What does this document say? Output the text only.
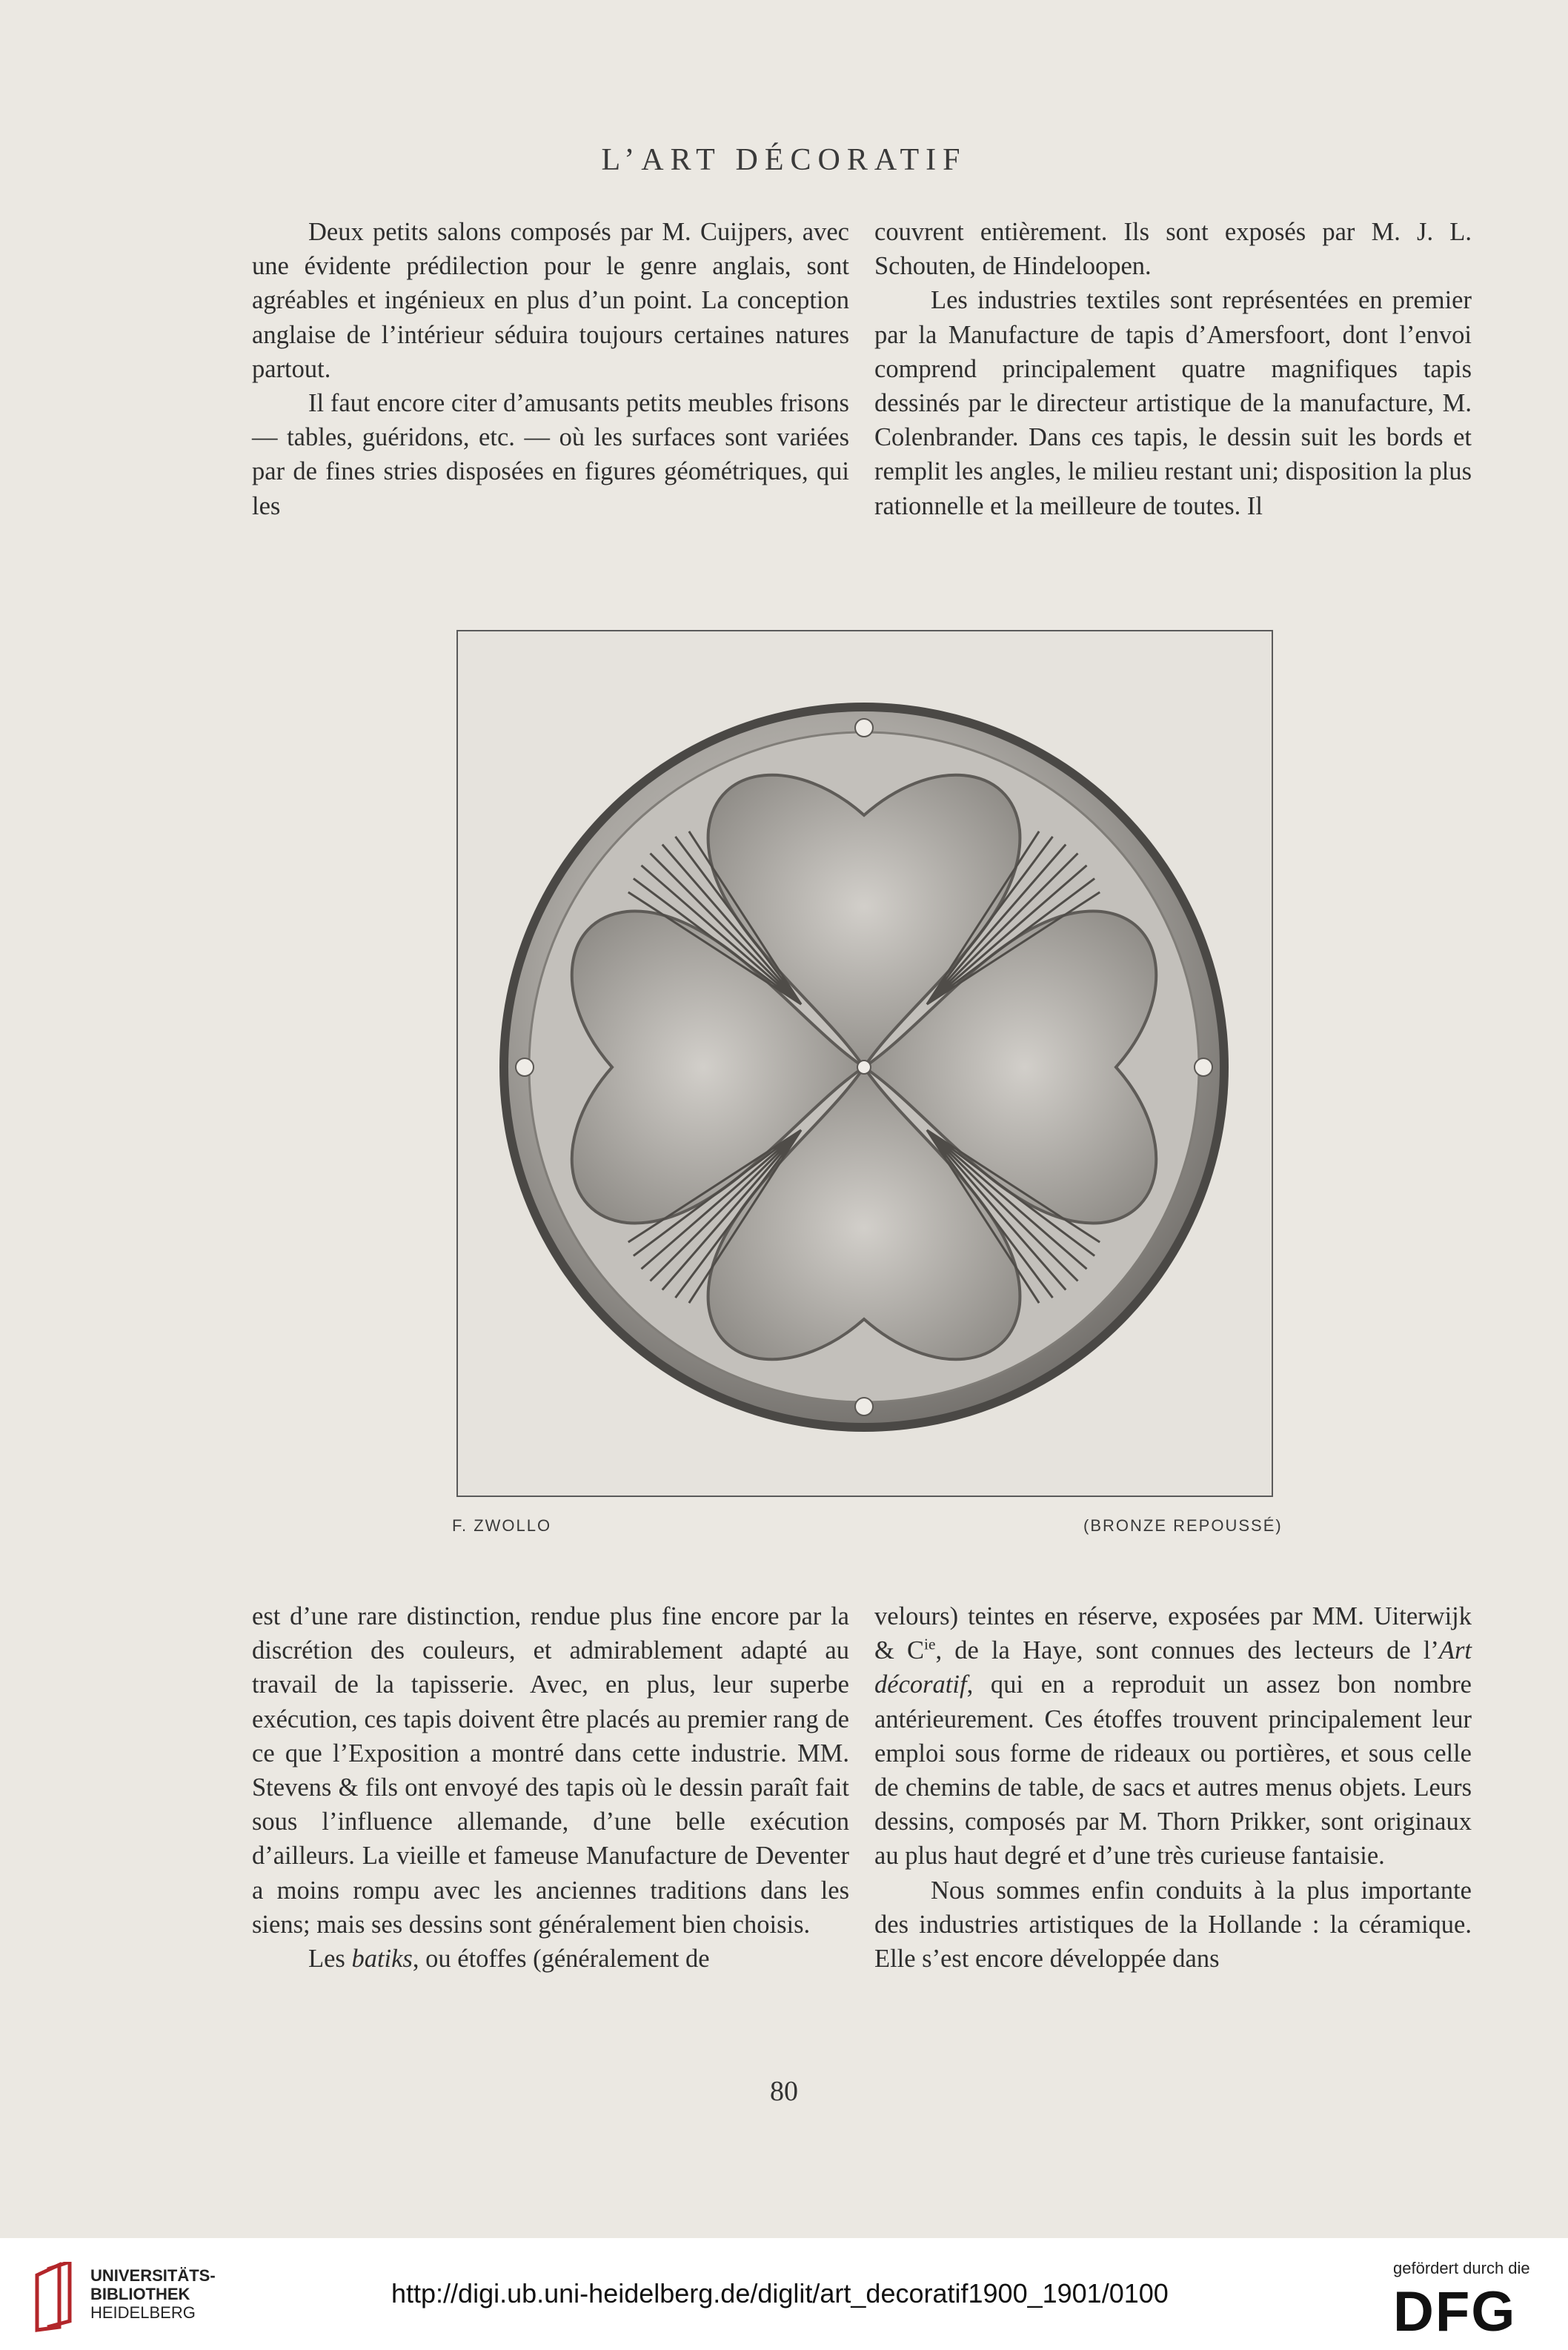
L’ART DÉCORATIF

Deux petits salons composés par M. Cuijpers, avec une évidente prédilection pour le genre anglais, sont agréables et ingénieux en plus d’un point. La conception anglaise de l’intérieur séduira toujours certaines natures partout.

Il faut encore citer d’amusants petits meubles frisons — tables, guéridons, etc. — où les surfaces sont variées par de fines stries disposées en figures géométriques, qui les

couvrent entièrement. Ils sont exposés par M. J. L. Schouten, de Hindeloopen.

Les industries textiles sont représentées en premier par la Manufacture de tapis d’Amersfoort, dont l’envoi comprend principalement quatre magnifiques tapis dessinés par le directeur artistique de la manufacture, M. Colenbrander. Dans ces tapis, le dessin suit les bords et remplit les angles, le milieu restant uni; disposition la plus rationnelle et la meilleure de toutes. Il

F. ZWOLLO	(BRONZE REPOUSSÉ)

est d’une rare distinction, rendue plus fine encore par la discrétion des couleurs, et admirablement adapté au travail de la tapisserie. Avec, en plus, leur superbe exécution, ces tapis doivent être placés au premier rang de ce que l’Exposition a montré dans cette industrie. MM. Stevens & fils ont envoyé des tapis où le dessin paraît fait sous l’influence allemande, d’une belle exécution d’ailleurs. La vieille et fameuse Manufacture de Deventer a moins rompu avec les anciennes traditions dans les siens; mais ses dessins sont généralement bien choisis.

Les batiks, ou étoffes (généralement de

velours) teintes en réserve, exposées par MM. Uiterwijk & $C^{ie}$, de la Haye, sont connues des lecteurs de l’Art décoratif, qui en a reproduit un assez bon nombre antérieurement. Ces étoffes trouvent principalement leur emploi sous forme de rideaux ou portières, et sous celle de chemins de table, de sacs et autres menus objets. Leurs dessins, composés par M. Thorn Prikker, sont originaux au plus haut degré et d’une très curieuse fantaisie.

Nous sommes enfin conduits à la plus importante des industries artistiques de la Hollande : la céramique. Elle s’est encore développée dans

80
UNIVERSITÄTS-
BIBLIOTHEK
HEIDELBERG
http://digi.ub.uni-heidelberg.de/diglit/art_decoratif1900_1901/0100
gefördert durch die
DFG
